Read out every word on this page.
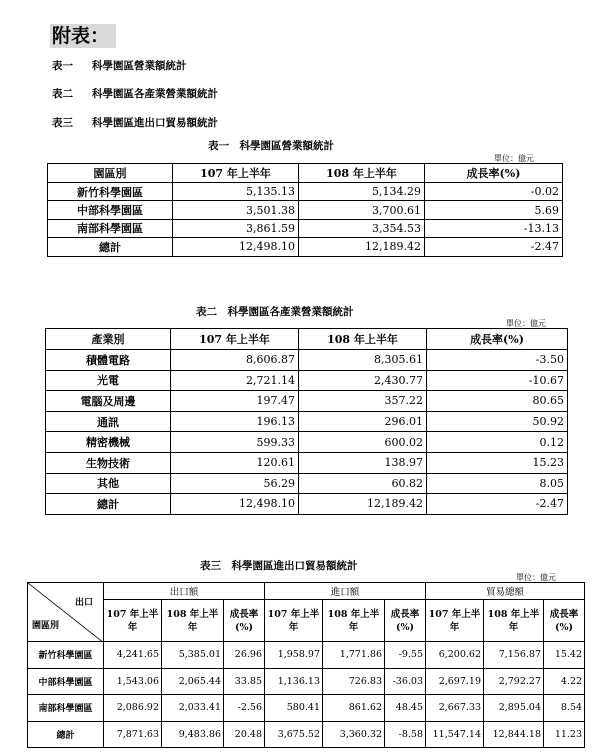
附表：
表一 科學園區營業額統計
表二 科學園區各產業營業額統計
表三 科學園區進出口貿易額統計
表一　科學園區營業額統計
單位：億元
園區別	107 年上半年	108 年上半年	成長率(%)
新竹科學園區	5,135.13	5,134.29	-0.02
中部科學園區	3,501.38	3,700.61	5.69
南部科學園區	3,861.59	3,354.53	-13.13
總計	12,498.10	12,189.42	-2.47
表二　科學園區各產業營業額統計
單位：億元
產業別	107 年上半年	108 年上半年	成長率(%)
積體電路	8,606.87	8,305.61	-3.50
光電	2,721.14	2,430.77	-10.67
電腦及周邊	197.47	357.22	80.65
通訊	196.13	296.01	50.92
精密機械	599.33	600.02	0.12
生物技術	120.61	138.97	15.23
其他	56.29	60.82	8.05
總計	12,498.10	12,189.42	-2.47
表三　科學園區進出口貿易額統計
單位：億元
出口
園區別	出口額			進口額			貿易總額		
	107 年上半年	108 年上半年	成長率(%)	107 年上半年	108 年上半年	成長率(%)	107 年上半年	108 年上半年	成長率(%)
新竹科學園區	4,241.65	5,385.01	26.96	1,958.97	1,771.86	-9.55	6,200.62	7,156.87	15.42
中部科學園區	1,543.06	2,065.44	33.85	1,136.13	726.83	-36.03	2,697.19	2,792.27	4.22
南部科學園區	2,086.92	2,033.41	-2.56	580.41	861.62	48.45	2,667.33	2,895.04	8.54
總計	7,871.63	9,483.86	20.48	3,675.52	3,360.32	-8.58	11,547.14	12,844.18	11.23
